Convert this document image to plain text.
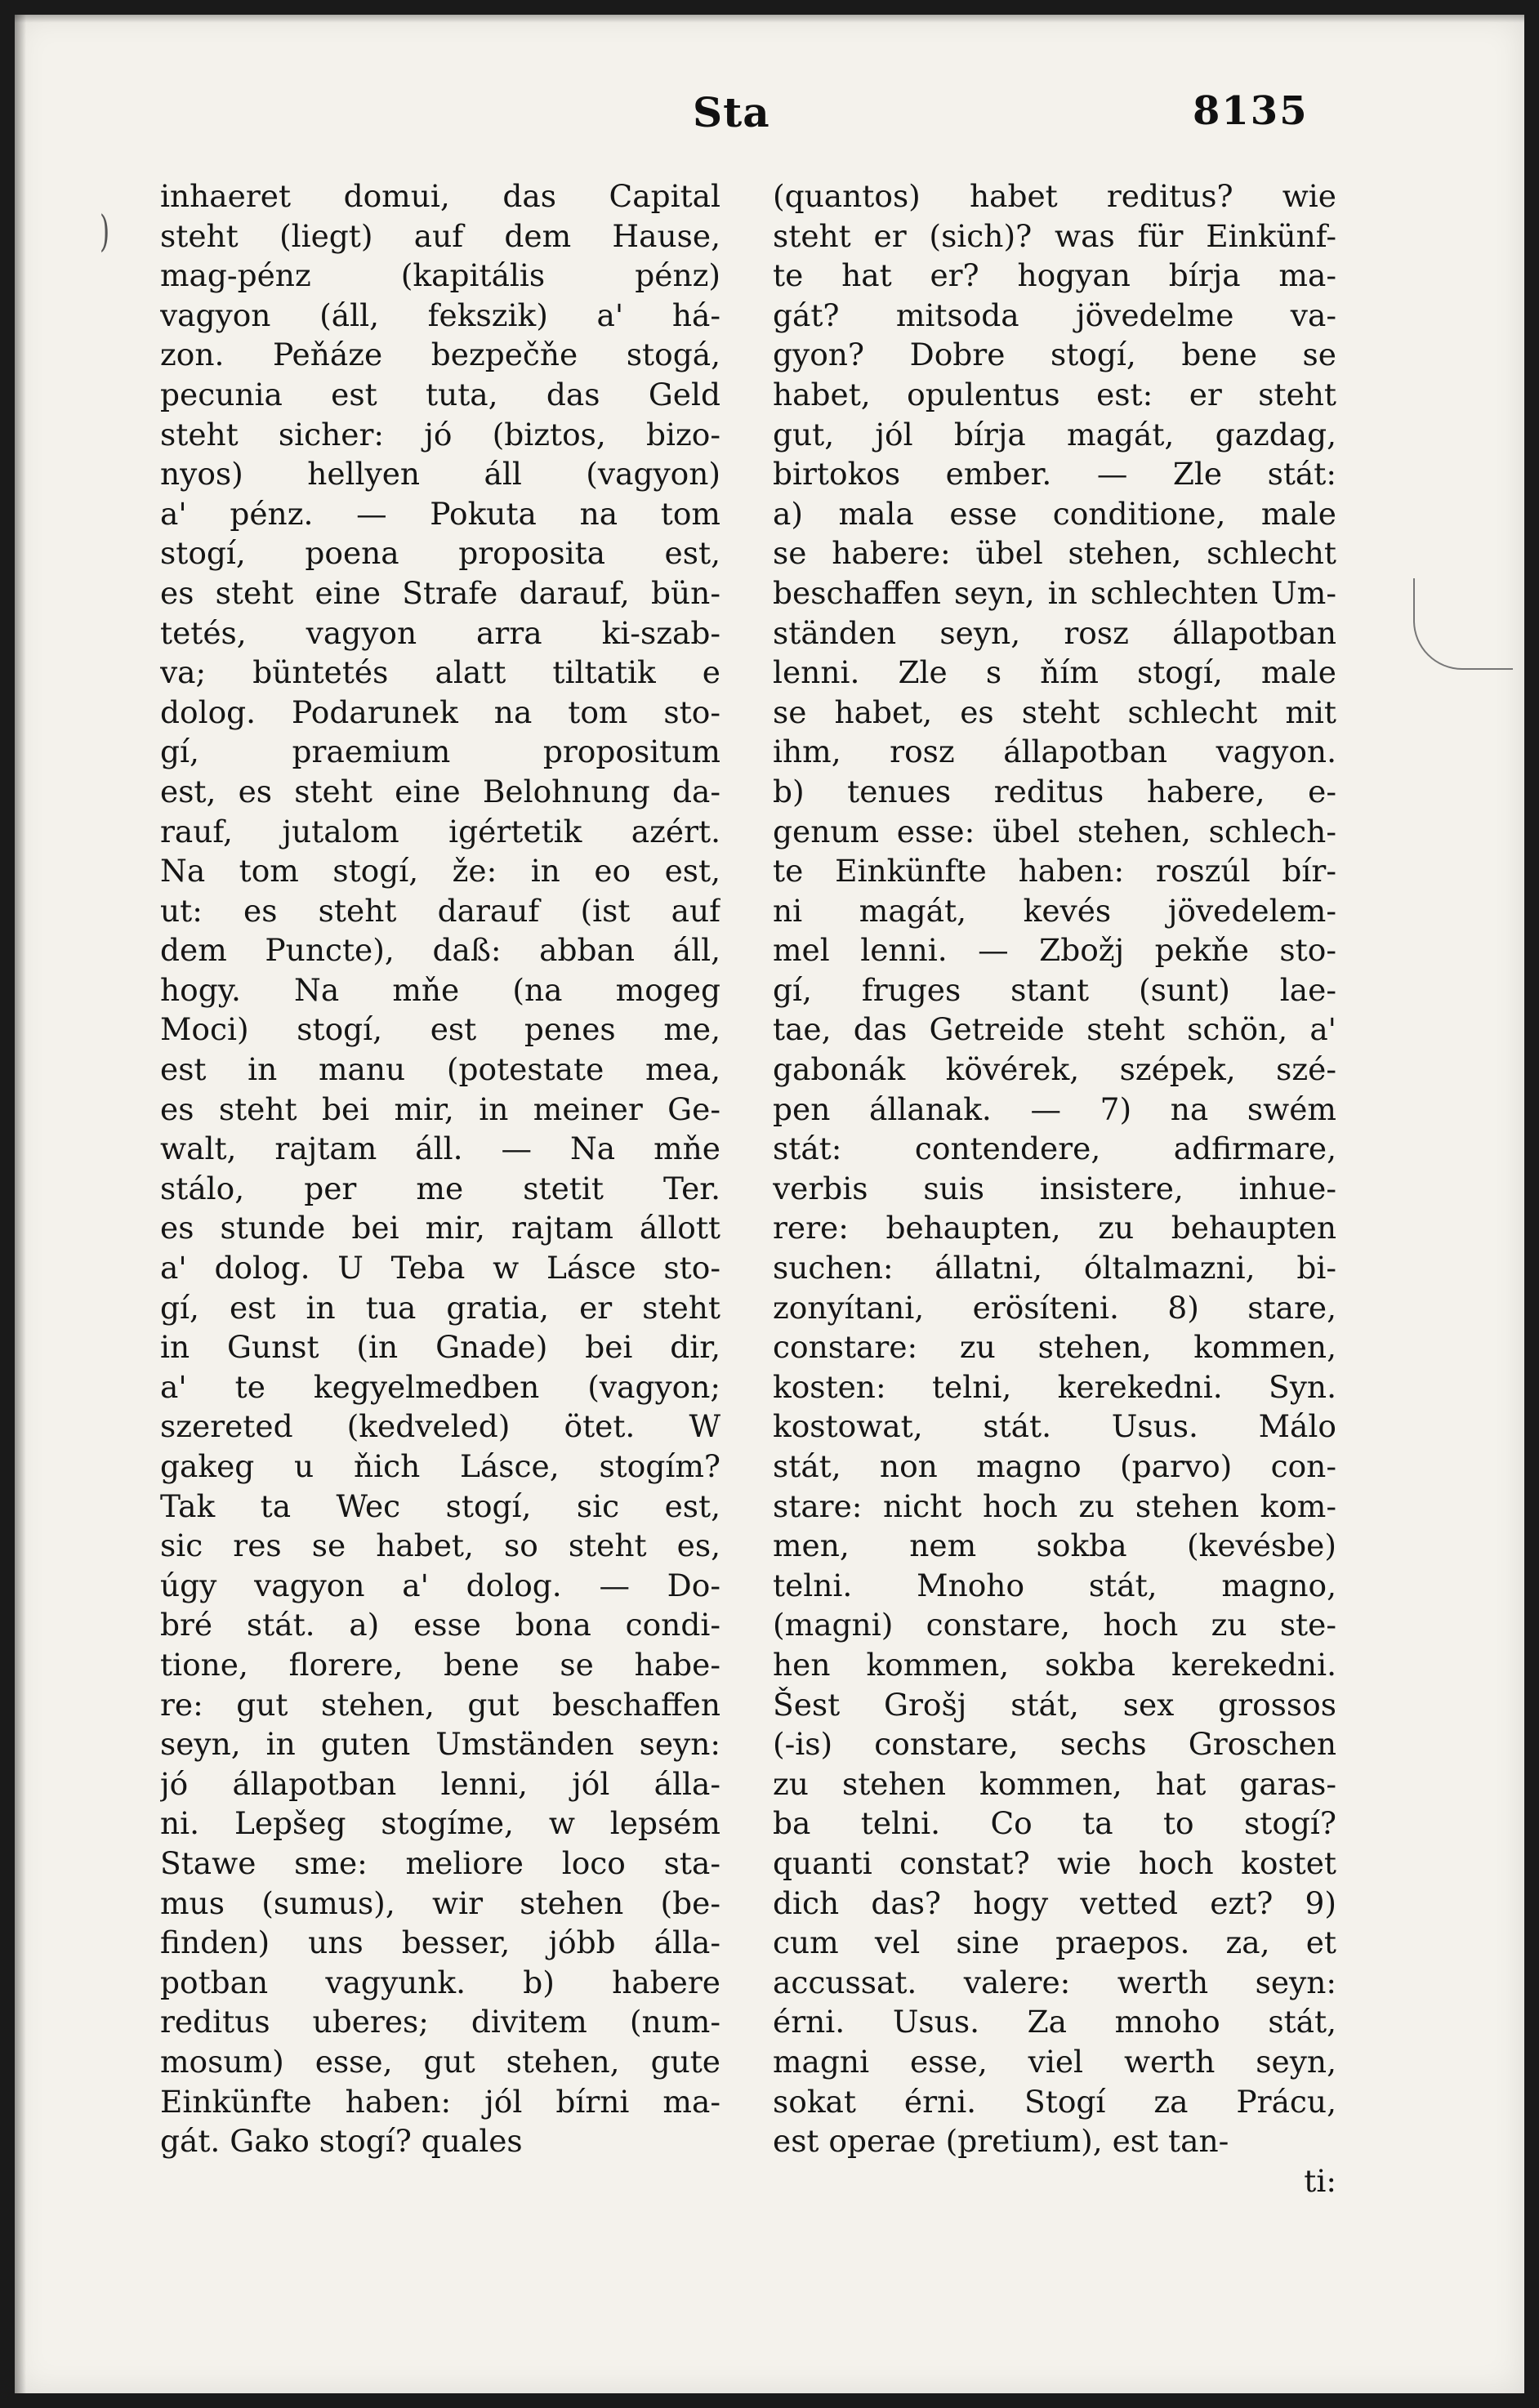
Sta	8135
)
inhaeret domui, das Capital
steht (liegt) auf dem Hause,
mag-pénz (kapitális pénz)
vagyon (áll, fekszik) a' há-
zon. Peňáze bezpečňe stogá,
pecunia est tuta, das Geld
steht sicher: jó (biztos, bizo-
nyos) hellyen áll (vagyon)
a' pénz. — Pokuta na tom
stogí, poena proposita est,
es steht eine Strafe darauf, bün-
tetés, vagyon arra ki-szab-
va; büntetés alatt tiltatik e
dolog. Podarunek na tom sto-
gí, praemium propositum
est, es steht eine Belohnung da-
rauf, jutalom igértetik azért.
Na tom stogí, že: in eo est,
ut: es steht darauf (ist auf
dem Puncte), daß: abban áll,
hogy. Na mňe (na mogeg
Moci) stogí, est penes me,
est in manu (potestate mea,
es steht bei mir, in meiner Ge-
walt, rajtam áll. — Na mňe
stálo, per me stetit Ter.
es stunde bei mir, rajtam állott
a' dolog. U Teba w Lásce sto-
gí, est in tua gratia, er steht
in Gunst (in Gnade) bei dir,
a' te kegyelmedben (vagyon;
szereted (kedveled) ötet. W
gakeg u ňich Lásce, stogím?
Tak ta Wec stogí, sic est,
sic res se habet, so steht es,
úgy vagyon a' dolog. — Do-
bré stát. a) esse bona condi-
tione, florere, bene se habe-
re: gut stehen, gut beschaffen
seyn, in guten Umständen seyn:
jó állapotban lenni, jól álla-
ni. Lepšeg stogíme, w lepsém
Stawe sme: meliore loco sta-
mus (sumus), wir stehen (be-
finden) uns besser, jóbb álla-
potban vagyunk. b) habere
reditus uberes; divitem (num-
mosum) esse, gut stehen, gute
Einkünfte haben: jól bírni ma-
gát. Gako stogí? quales
(quantos) habet reditus? wie
steht er (sich)? was für Einkünf-
te hat er? hogyan bírja ma-
gát? mitsoda jövedelme va-
gyon? Dobre stogí, bene se
habet, opulentus est: er steht
gut, jól bírja magát, gazdag,
birtokos ember. — Zle stát:
a) mala esse conditione, male
se habere: übel stehen, schlecht
beschaffen seyn, in schlechten Um-
ständen seyn, rosz állapotban
lenni. Zle s ňím stogí, male
se habet, es steht schlecht mit
ihm, rosz állapotban vagyon.
b) tenues reditus habere, e-
genum esse: übel stehen, schlech-
te Einkünfte haben: roszúl bír-
ni magát, kevés jövedelem-
mel lenni. — Zbožj pekňe sto-
gí, fruges stant (sunt) lae-
tae, das Getreide steht schön, a'
gabonák kövérek, szépek, szé-
pen állanak. — 7) na swém
stát: contendere, adfirmare,
verbis suis insistere, inhue-
rere: behaupten, zu behaupten
suchen: állatni, óltalmazni, bi-
zonyítani, erösíteni. 8) stare,
constare: zu stehen, kommen,
kosten: telni, kerekedni. Syn.
kostowat, stát. Usus. Málo
stát, non magno (parvo) con-
stare: nicht hoch zu stehen kom-
men, nem sokba (kevésbe)
telni. Mnoho stát, magno,
(magni) constare, hoch zu ste-
hen kommen, sokba kerekedni.
Šest Grošj stát, sex grossos
(-is) constare, sechs Groschen
zu stehen kommen, hat garas-
ba telni. Co ta to stogí?
quanti constat? wie hoch kostet
dich das? hogy vetted ezt? 9)
cum vel sine praepos. za, et
accussat. valere: werth seyn:
érni. Usus. Za mnoho stát,
magni esse, viel werth seyn,
sokat érni. Stogí za Prácu,
est operae (pretium), est tan-
ti:
